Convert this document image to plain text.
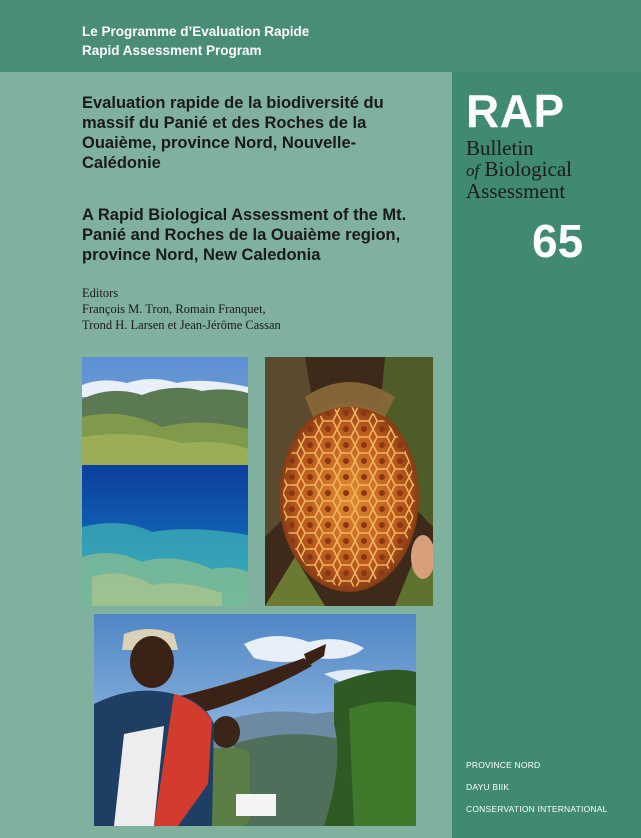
Le Programme d’Evaluation Rapide
Rapid Assessment Program
Evaluation rapide de la biodiversité du massif du Panié et des Roches de la Ouaième, province Nord, Nouvelle-Calédonie
A Rapid Biological Assessment of the Mt. Panié and Roches de la Ouaième region, province Nord, New Caledonia
Editors
François M. Tron, Romain Franquet,
Trond H. Larsen et Jean-Jérôme Cassan
RAP
Bulletin
of Biological
Assessment
65
PROVINCE NORD
DAYU BIIK
CONSERVATION INTERNATIONAL
